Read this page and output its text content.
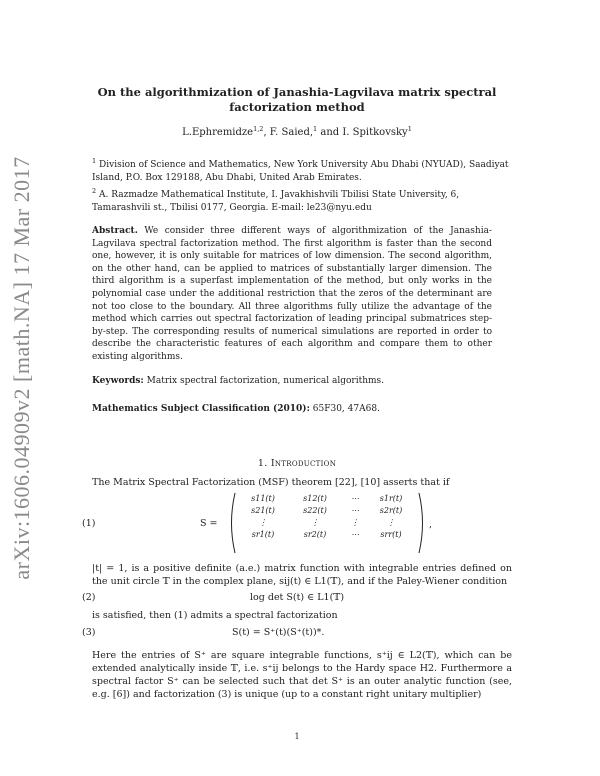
arXiv:1606.04909v2 [math.NA] 17 Mar 2017
On the algorithmization of Janashia-Lagvilava matrix spectral
factorization method
L.Ephremidze$^{1,2}$, F. Saied,$^1$ and I. Spitkovsky$^1$
$^1$ Division of Science and Mathematics, New York University Abu Dhabi (NYUAD), Saadiyat Island, P.O. Box 129188, Abu Dhabi, United Arab Emirates.
$^2$ A. Razmadze Mathematical Institute, I. Javakhishvili Tbilisi State University, 6, Tamarashvili st., Tbilisi 0177, Georgia. E-mail: le23@nyu.edu
Abstract. We consider three different ways of algorithmization of the Janashia-Lagvilava spectral factorization method. The first algorithm is faster than the second one, however, it is only suitable for matrices of low dimension. The second algorithm, on the other hand, can be applied to matrices of substantially larger dimension. The third algorithm is a superfast implementation of the method, but only works in the polynomial case under the additional restriction that the zeros of the determinant are not too close to the boundary. All three algorithms fully utilize the advantage of the method which carries out spectral factorization of leading principal submatrices step-by-step. The corresponding results of numerical simulations are reported in order to describe the characteristic features of each algorithm and compare them to other existing algorithms.
Keywords: Matrix spectral factorization, numerical algorithms.
Mathematics Subject Classification (2010): 65F30, 47A68.
1. Introduction
The Matrix Spectral Factorization (MSF) theorem [22], [10] asserts that if
(1)	S =
s11(t)	s12(t)	⋯	s1r(t)
s21(t)	s22(t)	⋯	s2r(t)
⋮	⋮	⋮	⋮
sr1(t)	sr2(t)	⋯	srr(t)
,
|t| = 1, is a positive definite (a.e.) matrix function with integrable entries defined on the unit circle 𝕋 in the complex plane, sij(t) ∈ L1(𝕋), and if the Paley-Wiener condition
(2)	log det S(t) ∈ L1(𝕋)
is satisfied, then (1) admits a spectral factorization
(3)	S(t) = S⁺(t)(S⁺(t))*.
Here the entries of S⁺ are square integrable functions, s⁺ij ∈ L2(𝕋), which can be extended analytically inside 𝕋, i.e. s⁺ij belongs to the Hardy space H2. Furthermore a spectral factor S⁺ can be selected such that det S⁺ is an outer analytic function (see, e.g. [6]) and factorization (3) is unique (up to a constant right unitary multiplier)
1
